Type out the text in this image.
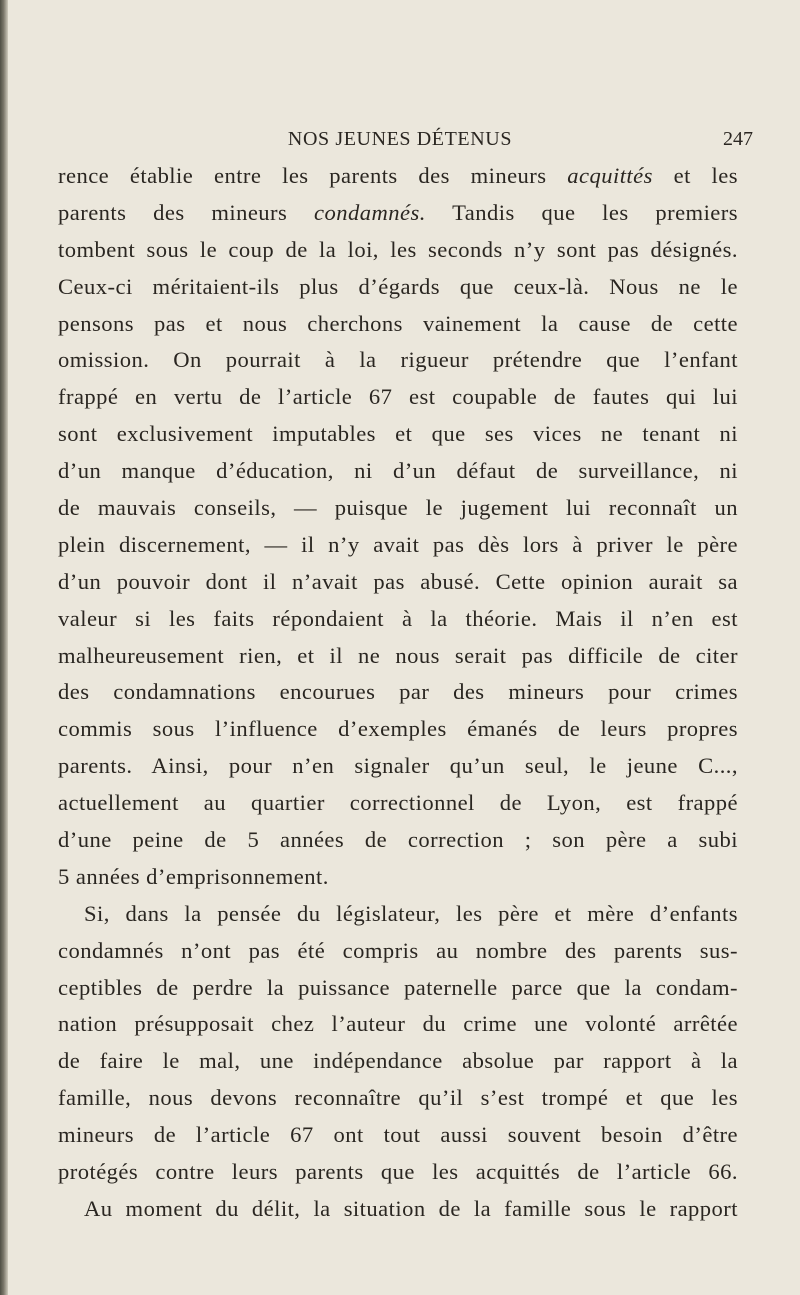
NOS JEUNES DÉTENUS	247
rence établie entre les parents des mineurs acquittés et les
parents des mineurs condamnés. Tandis que les premiers
tombent sous le coup de la loi, les seconds n’y sont pas désignés.
Ceux-ci méritaient-ils plus d’égards que ceux-là. Nous ne le
pensons pas et nous cherchons vainement la cause de cette
omission. On pourrait à la rigueur prétendre que l’enfant
frappé en vertu de l’article 67 est coupable de fautes qui lui
sont exclusivement imputables et que ses vices ne tenant ni
d’un manque d’éducation, ni d’un défaut de surveillance, ni
de mauvais conseils, — puisque le jugement lui reconnaît un
plein discernement, — il n’y avait pas dès lors à priver le père
d’un pouvoir dont il n’avait pas abusé. Cette opinion aurait sa
valeur si les faits répondaient à la théorie. Mais il n’en est
malheureusement rien, et il ne nous serait pas difficile de citer
des condamnations encourues par des mineurs pour crimes
commis sous l’influence d’exemples émanés de leurs propres
parents. Ainsi, pour n’en signaler qu’un seul, le jeune C...,
actuellement au quartier correctionnel de Lyon, est frappé
d’une peine de 5 années de correction ; son père a subi
5 années d’emprisonnement.
Si, dans la pensée du législateur, les père et mère d’enfants
condamnés n’ont pas été compris au nombre des parents sus-
ceptibles de perdre la puissance paternelle parce que la condam-
nation présupposait chez l’auteur du crime une volonté arrêtée
de faire le mal, une indépendance absolue par rapport à la
famille, nous devons reconnaître qu’il s’est trompé et que les
mineurs de l’article 67 ont tout aussi souvent besoin d’être
protégés contre leurs parents que les acquittés de l’article 66.
Au moment du délit, la situation de la famille sous le rapport
